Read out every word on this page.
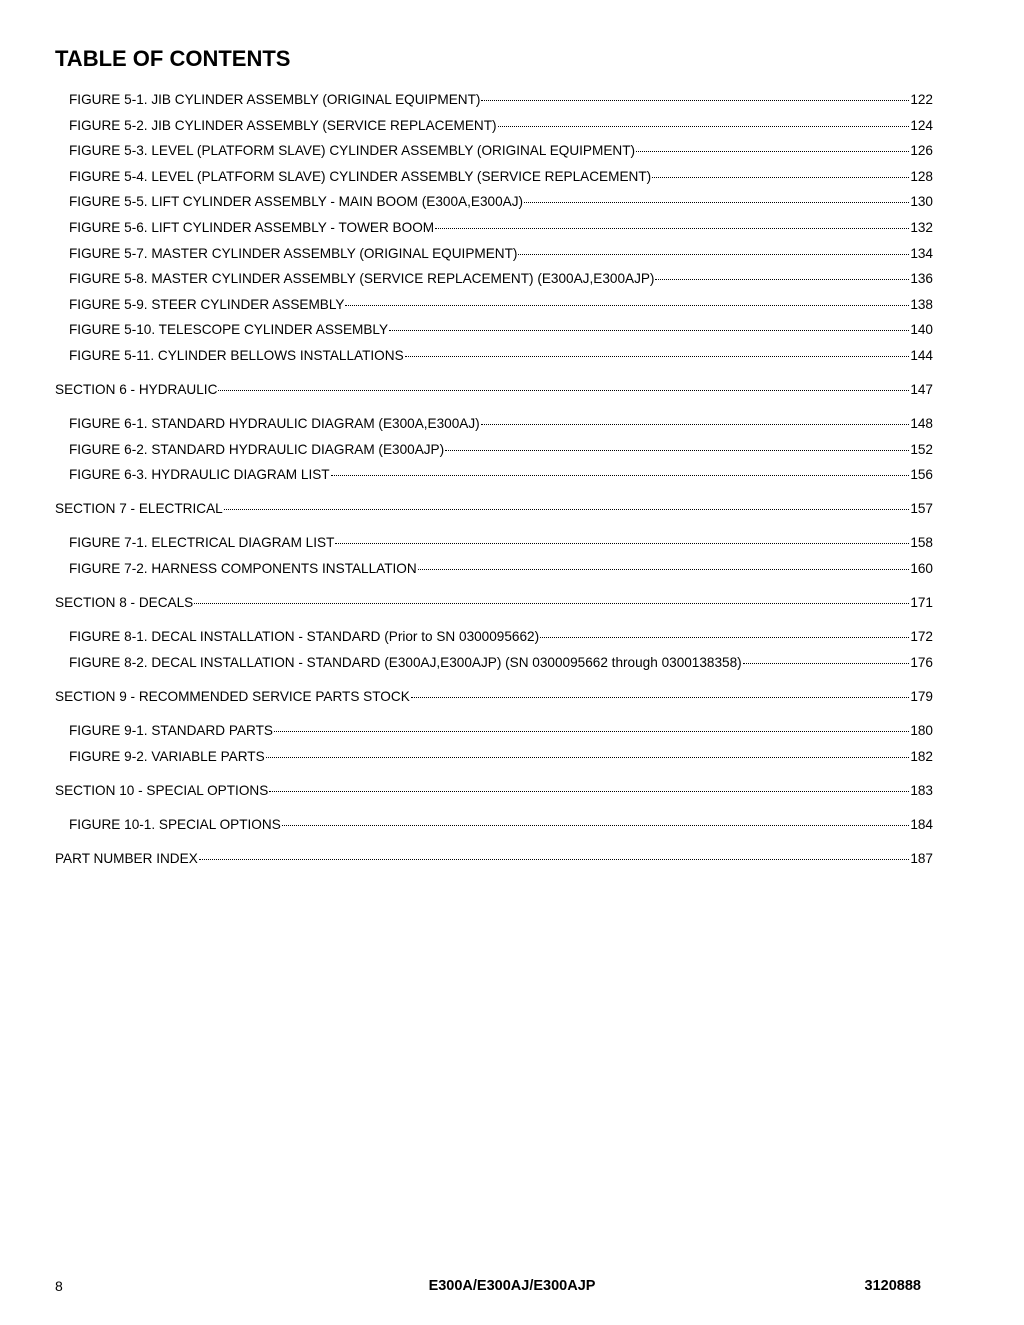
TABLE OF CONTENTS
FIGURE 5-1. JIB CYLINDER ASSEMBLY (ORIGINAL EQUIPMENT)	122
FIGURE 5-2. JIB CYLINDER ASSEMBLY (SERVICE REPLACEMENT)	124
FIGURE 5-3. LEVEL (PLATFORM SLAVE) CYLINDER ASSEMBLY (ORIGINAL EQUIPMENT)	126
FIGURE 5-4. LEVEL (PLATFORM SLAVE) CYLINDER ASSEMBLY (SERVICE REPLACEMENT)	128
FIGURE 5-5. LIFT CYLINDER ASSEMBLY - MAIN BOOM (E300A,E300AJ)	130
FIGURE 5-6. LIFT CYLINDER ASSEMBLY - TOWER BOOM	132
FIGURE 5-7. MASTER CYLINDER ASSEMBLY (ORIGINAL EQUIPMENT)	134
FIGURE 5-8. MASTER CYLINDER ASSEMBLY (SERVICE REPLACEMENT) (E300AJ,E300AJP)	136
FIGURE 5-9. STEER CYLINDER ASSEMBLY	138
FIGURE 5-10. TELESCOPE CYLINDER ASSEMBLY	140
FIGURE 5-11. CYLINDER BELLOWS INSTALLATIONS	144
SECTION 6 - HYDRAULIC	147
FIGURE 6-1. STANDARD HYDRAULIC DIAGRAM (E300A,E300AJ)	148
FIGURE 6-2. STANDARD HYDRAULIC DIAGRAM (E300AJP)	152
FIGURE 6-3. HYDRAULIC DIAGRAM LIST	156
SECTION 7 - ELECTRICAL	157
FIGURE 7-1. ELECTRICAL DIAGRAM LIST	158
FIGURE 7-2. HARNESS COMPONENTS INSTALLATION	160
SECTION 8 - DECALS	171
FIGURE 8-1. DECAL INSTALLATION - STANDARD (Prior to SN 0300095662)	172
FIGURE 8-2. DECAL INSTALLATION - STANDARD (E300AJ,E300AJP) (SN 0300095662 through 0300138358)	176
SECTION 9 - RECOMMENDED SERVICE PARTS STOCK	179
FIGURE 9-1. STANDARD PARTS	180
FIGURE 9-2. VARIABLE PARTS	182
SECTION 10 - SPECIAL OPTIONS	183
FIGURE 10-1. SPECIAL OPTIONS	184
PART NUMBER INDEX	187
8	E300A/E300AJ/E300AJP	3120888
